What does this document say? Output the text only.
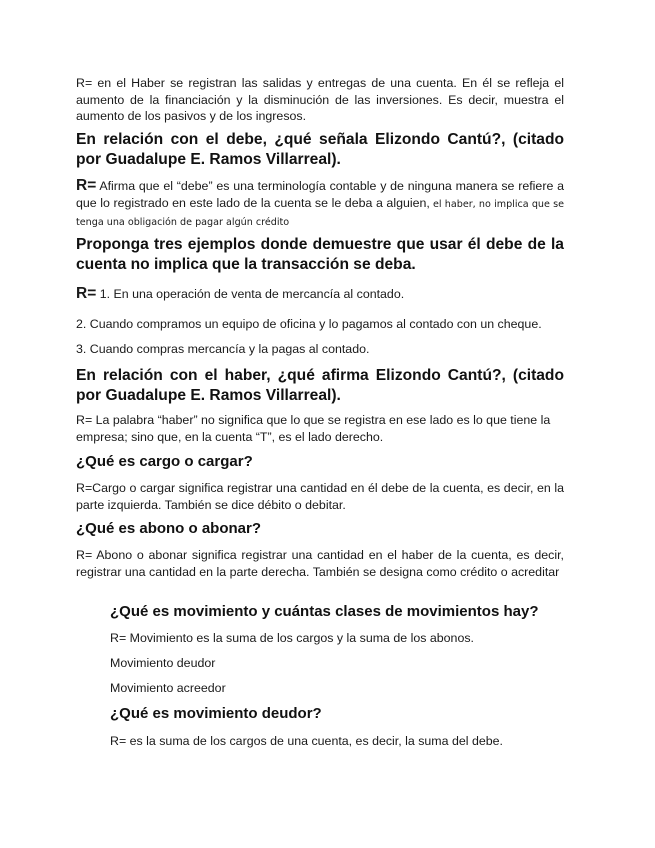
R= en el Haber se registran las salidas y entregas de una cuenta. En él se refleja el aumento de la financiación y la disminución de las inversiones. Es decir, muestra el aumento de los pasivos y de los ingresos.

En relación con el debe, ¿qué señala Elizondo Cantú?, (citado por Guadalupe E. Ramos Villarreal).

R= Afirma que el “debe” es una terminología contable y de ninguna manera se refiere a que lo registrado en este lado de la cuenta se le deba a alguien, el haber, no implica que se tenga una obligación de pagar algún crédito

Proponga tres ejemplos donde demuestre que usar él debe de la cuenta no implica que la transacción se deba.

R= 1. En una operación de venta de mercancía al contado.

2. Cuando compramos un equipo de oficina y lo pagamos al contado con un cheque.

3. Cuando compras mercancía y la pagas al contado.

En relación con el haber, ¿qué afirma Elizondo Cantú?, (citado por Guadalupe E. Ramos Villarreal).

R= La palabra “haber” no significa que lo que se registra en ese lado es lo que tiene la empresa; sino que, en la cuenta “T”, es el lado derecho.

¿Qué es cargo o cargar?

R=Cargo o cargar significa registrar una cantidad en él debe de la cuenta, es decir, en la parte izquierda. También se dice débito o debitar.

¿Qué es abono o abonar?

R= Abono o abonar significa registrar una cantidad en el haber de la cuenta, es decir, registrar una cantidad en la parte derecha. También se designa como crédito o acreditar

¿Qué es movimiento y cuántas clases de movimientos hay?

R= Movimiento es la suma de los cargos y la suma de los abonos.

Movimiento deudor

Movimiento acreedor

¿Qué es movimiento deudor?

R= es la suma de los cargos de una cuenta, es decir, la suma del debe.
